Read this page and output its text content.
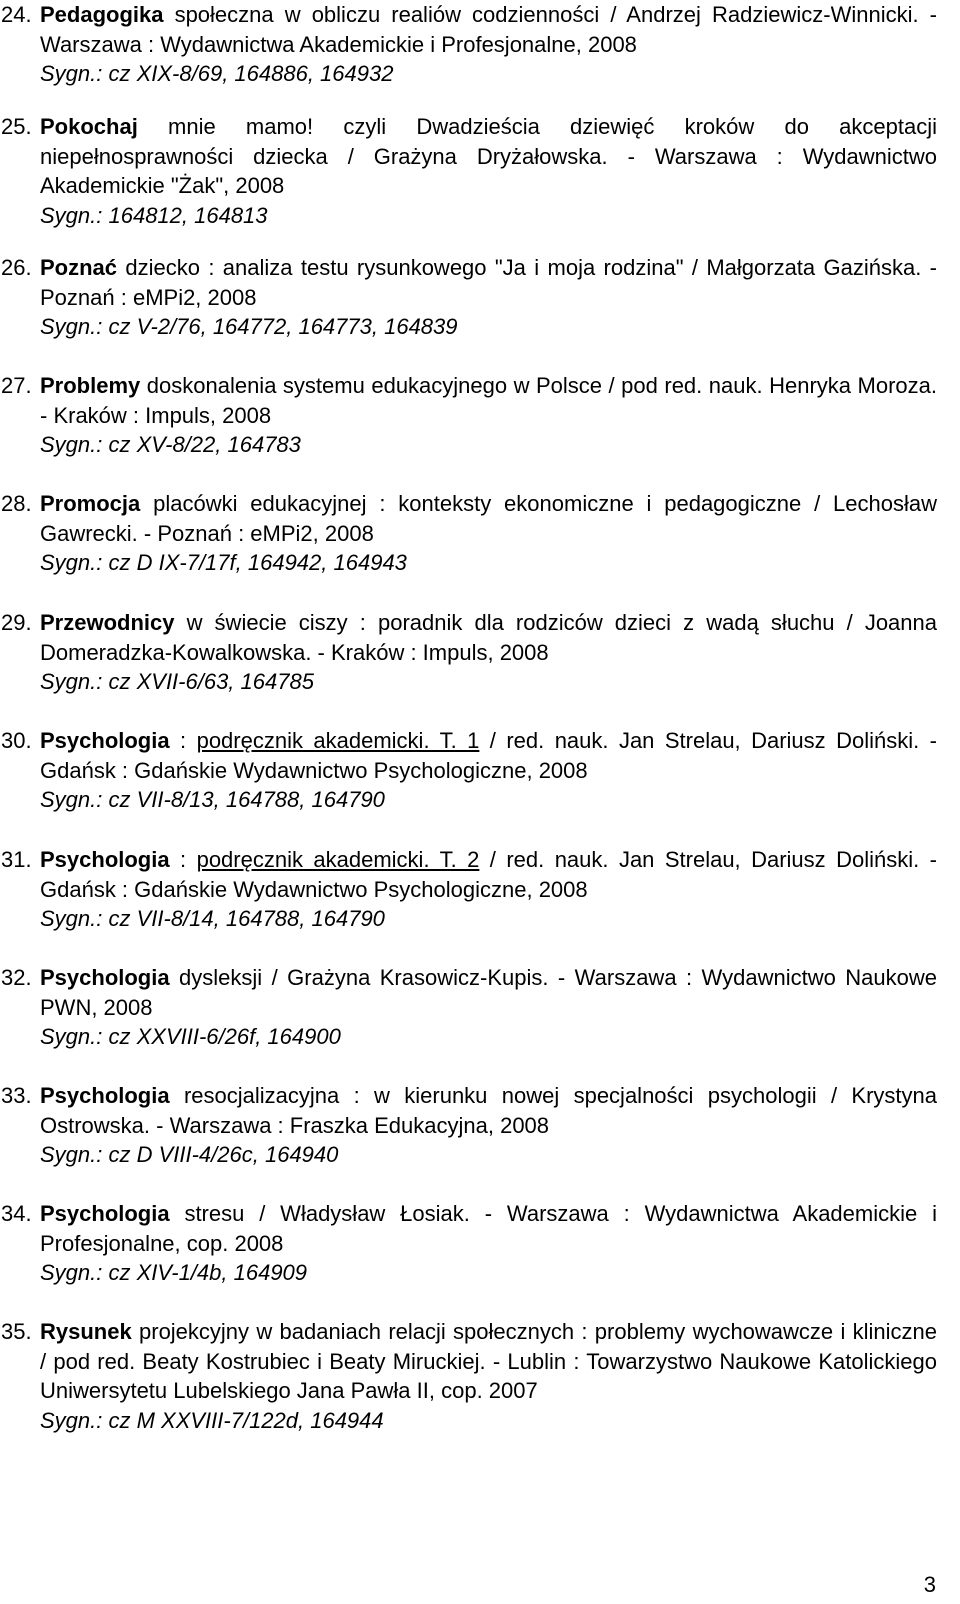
24. Pedagogika społeczna w obliczu realiów codzienności / Andrzej Radziewicz-Winnicki. - Warszawa : Wydawnictwa Akademickie i Profesjonalne, 2008
Sygn.: cz XIX-8/69, 164886, 164932
25. Pokochaj mnie mamo! czyli Dwadzieścia dziewięć kroków do akceptacji niepełnosprawności dziecka / Grażyna Dryżałowska. - Warszawa : Wydawnictwo Akademickie "Żak", 2008
Sygn.: 164812, 164813
26. Poznać dziecko : analiza testu rysunkowego "Ja i moja rodzina" / Małgorzata Gazińska. - Poznań : eMPi2, 2008
Sygn.: cz V-2/76, 164772, 164773, 164839
27. Problemy doskonalenia systemu edukacyjnego w Polsce / pod red. nauk. Henryka Moroza. - Kraków : Impuls, 2008
Sygn.: cz XV-8/22, 164783
28. Promocja placówki edukacyjnej : konteksty ekonomiczne i pedagogiczne / Lechosław Gawrecki. - Poznań : eMPi2, 2008
Sygn.: cz D IX-7/17f, 164942, 164943
29. Przewodnicy w świecie ciszy : poradnik dla rodziców dzieci z wadą słuchu / Joanna Domeradzka-Kowalkowska. - Kraków : Impuls, 2008
Sygn.: cz XVII-6/63, 164785
30. Psychologia : podręcznik akademicki. T. 1 / red. nauk. Jan Strelau, Dariusz Doliński. - Gdańsk : Gdańskie Wydawnictwo Psychologiczne, 2008
Sygn.: cz VII-8/13, 164788, 164790
31. Psychologia : podręcznik akademicki. T. 2 / red. nauk. Jan Strelau, Dariusz Doliński. - Gdańsk : Gdańskie Wydawnictwo Psychologiczne, 2008
Sygn.: cz VII-8/14, 164788, 164790
32. Psychologia dysleksji / Grażyna Krasowicz-Kupis. - Warszawa : Wydawnictwo Naukowe PWN, 2008
Sygn.: cz XXVIII-6/26f, 164900
33. Psychologia resocjalizacyjna : w kierunku nowej specjalności psychologii / Krystyna Ostrowska. - Warszawa : Fraszka Edukacyjna, 2008
Sygn.: cz D VIII-4/26c, 164940
34. Psychologia stresu / Władysław Łosiak. - Warszawa : Wydawnictwa Akademickie i Profesjonalne, cop. 2008
Sygn.: cz XIV-1/4b, 164909
35. Rysunek projekcyjny w badaniach relacji społecznych : problemy wychowawcze i kliniczne / pod red. Beaty Kostrubiec i Beaty Miruckiej. - Lublin : Towarzystwo Naukowe Katolickiego Uniwersytetu Lubelskiego Jana Pawła II, cop. 2007
Sygn.: cz M XXVIII-7/122d, 164944
3
